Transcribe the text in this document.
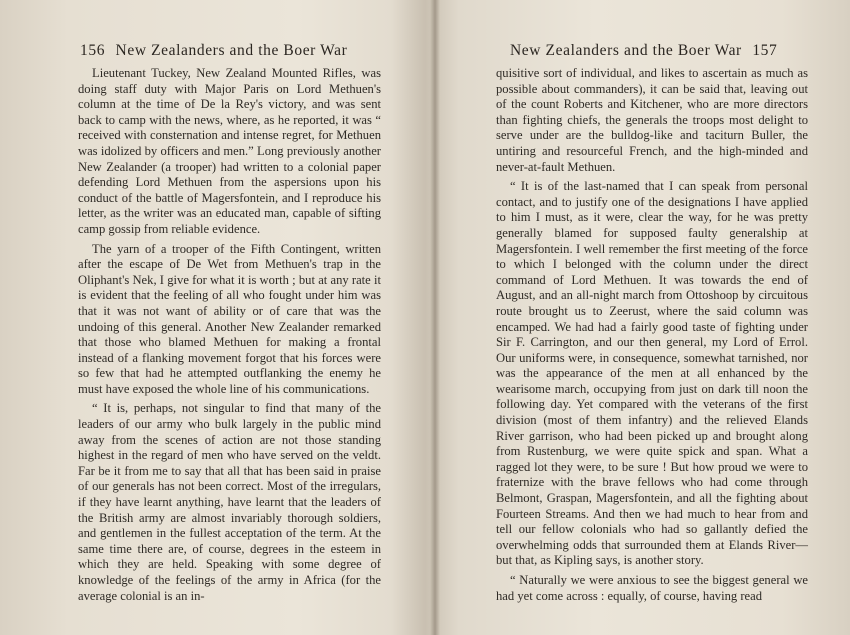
156 New Zealanders and the Boer War

Lieutenant Tuckey, New Zealand Mounted Rifles, was doing staff duty with Major Paris on Lord Methuen's column at the time of De la Rey's victory, and was sent back to camp with the news, where, as he reported, it was “ received with consternation and intense regret, for Methuen was idolized by officers and men.” Long previously another New Zealander (a trooper) had written to a colonial paper defending Lord Methuen from the aspersions upon his conduct of the battle of Magersfontein, and I reproduce his letter, as the writer was an educated man, capable of sifting camp gossip from reliable evidence.

The yarn of a trooper of the Fifth Contingent, written after the escape of De Wet from Methuen's trap in the Oliphant's Nek, I give for what it is worth ; but at any rate it is evident that the feeling of all who fought under him was that it was not want of ability or of care that was the undoing of this general. Another New Zealander remarked that those who blamed Methuen for making a frontal instead of a flanking movement forgot that his forces were so few that had he attempted outflanking the enemy he must have exposed the whole line of his communications.

“ It is, perhaps, not singular to find that many of the leaders of our army who bulk largely in the public mind away from the scenes of action are not those standing highest in the regard of men who have served on the veldt. Far be it from me to say that all that has been said in praise of our generals has not been correct. Most of the irregulars, if they have learnt anything, have learnt that the leaders of the British army are almost invariably thorough soldiers, and gentlemen in the fullest acceptation of the term. At the same time there are, of course, degrees in the esteem in which they are held. Speaking with some degree of knowledge of the feelings of the army in Africa (for the average colonial is an in-

New Zealanders and the Boer War 157

quisitive sort of individual, and likes to ascertain as much as possible about commanders), it can be said that, leaving out of the count Roberts and Kitchener, who are more directors than fighting chiefs, the generals the troops most delight to serve under are the bulldog-like and taciturn Buller, the untiring and resourceful French, and the high-minded and never-at-fault Methuen.

“ It is of the last-named that I can speak from personal contact, and to justify one of the designations I have applied to him I must, as it were, clear the way, for he was pretty generally blamed for supposed faulty generalship at Magersfontein. I well remember the first meeting of the force to which I belonged with the column under the direct command of Lord Methuen. It was towards the end of August, and an all-night march from Ottoshoop by circuitous route brought us to Zeerust, where the said column was encamped. We had had a fairly good taste of fighting under Sir F. Carrington, and our then general, my Lord of Errol. Our uniforms were, in consequence, somewhat tarnished, nor was the appearance of the men at all enhanced by the wearisome march, occupying from just on dark till noon the following day. Yet compared with the veterans of the first division (most of them infantry) and the relieved Elands River garrison, who had been picked up and brought along from Rustenburg, we were quite spick and span. What a ragged lot they were, to be sure ! But how proud we were to fraternize with the brave fellows who had come through Belmont, Graspan, Magersfontein, and all the fighting about Fourteen Streams. And then we had much to hear from and tell our fellow colonials who had so gallantly defied the overwhelming odds that surrounded them at Elands River—but that, as Kipling says, is another story.

“ Naturally we were anxious to see the biggest general we had yet come across : equally, of course, having read
